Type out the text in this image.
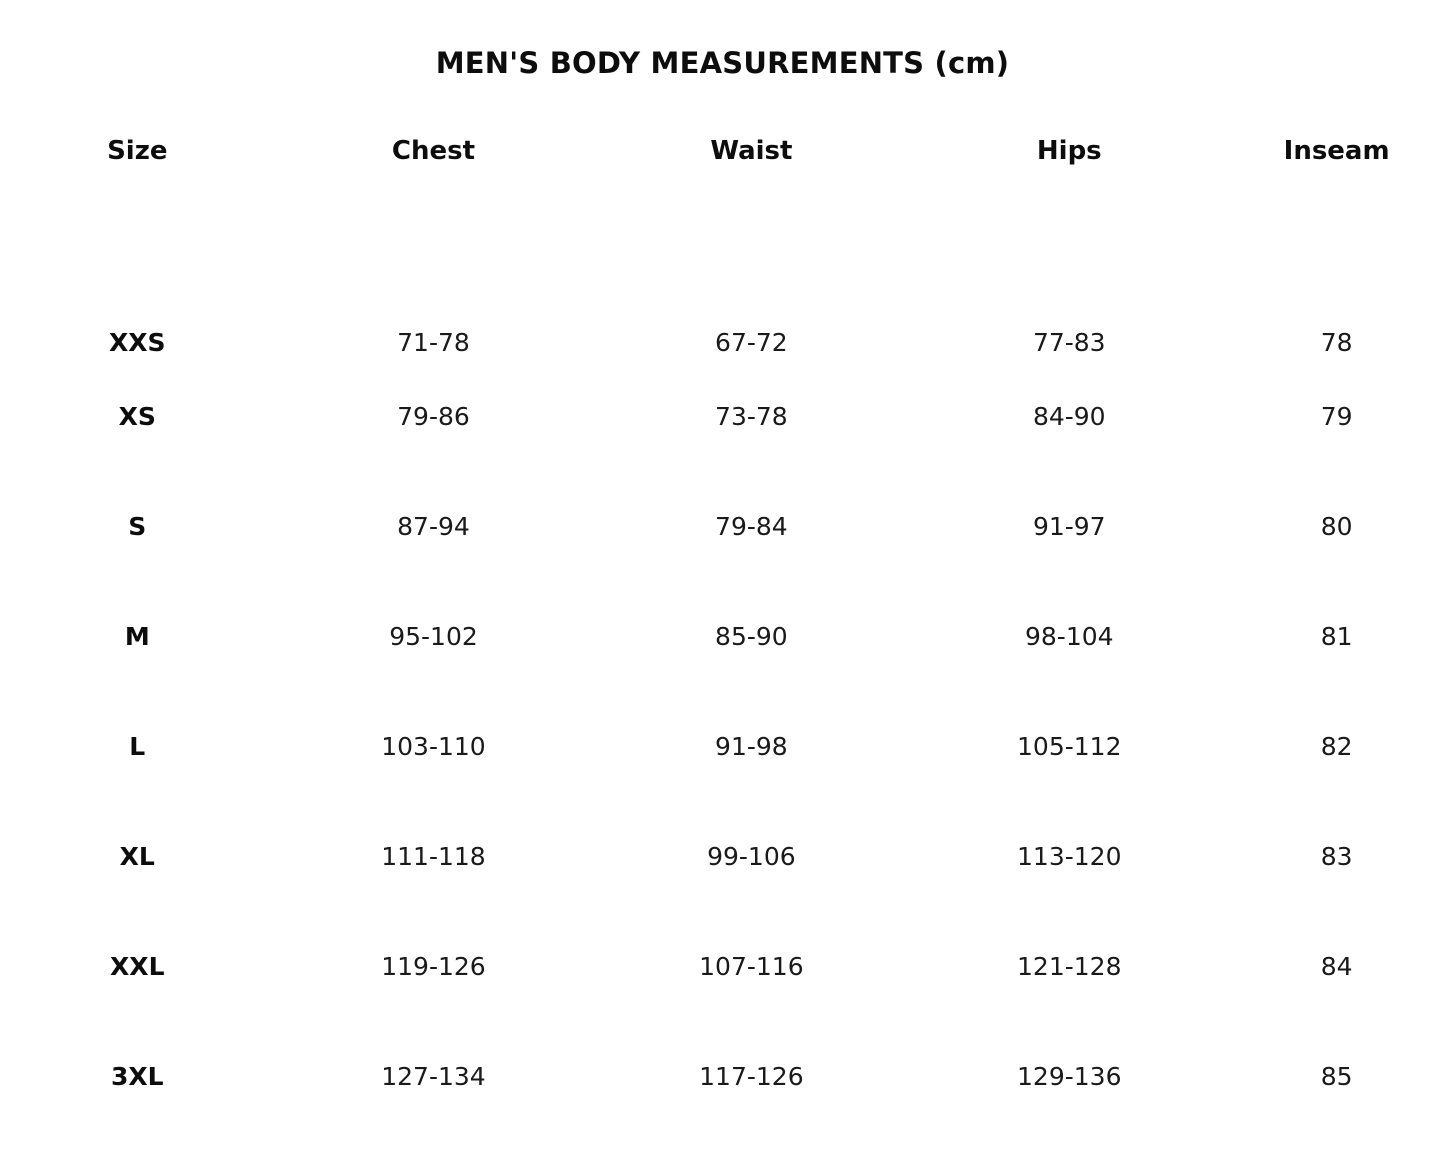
MEN'S BODY MEASUREMENTS (cm)
Size	Chest	Waist	Hips	Inseam
XXS	71-78	67-72	77-83	78
XS	79-86	73-78	84-90	79
S	87-94	79-84	91-97	80
M	95-102	85-90	98-104	81
L	103-110	91-98	105-112	82
XL	111-118	99-106	113-120	83
XXL	119-126	107-116	121-128	84
3XL	127-134	117-126	129-136	85
